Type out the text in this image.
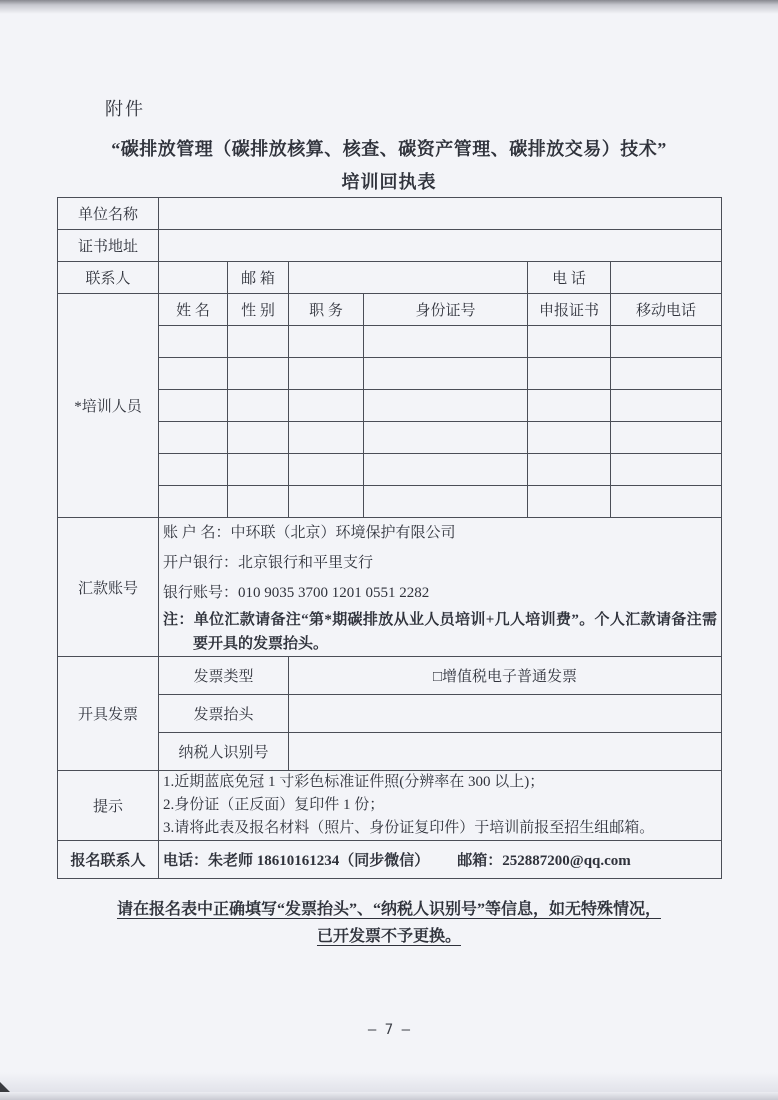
附件
“碳排放管理（碳排放核算、核查、碳资产管理、碳排放交易）技术”
培训回执表
单位名称						
证书地址						
联系人		邮 箱			电 话	
*培训人员	姓 名	性 别	职 务	身份证号	申报证书	移动电话

汇款账号	账 户 名：中环联（北京）环境保护有限公司
开户银行：北京银行和平里支行
银行账号：010 9035 3700 1201 0551 2282
注：单位汇款请备注“第*期碳排放从业人员培训+几人培训费”。个人汇款请备注需要开具的发票抬头。					

开具发票	发票类型		□增值税电子普通发票			
	发票抬头					
	纳税人识别号					
提示	1.近期蓝底免冠 1 寸彩色标准证件照(分辨率在 300 以上)；
2.身份证（正反面）复印件 1 份；
3.请将此表及报名材料（照片、身份证复印件）于培训前报至招生组邮箱。					

报名联系人	电话：朱老师 18610161234（同步微信） 邮箱：252887200@qq.com					
请在报名表中正确填写“发票抬头”、“纳税人识别号”等信息，如无特殊情况，
已开发票不予更换。
— 7 —
